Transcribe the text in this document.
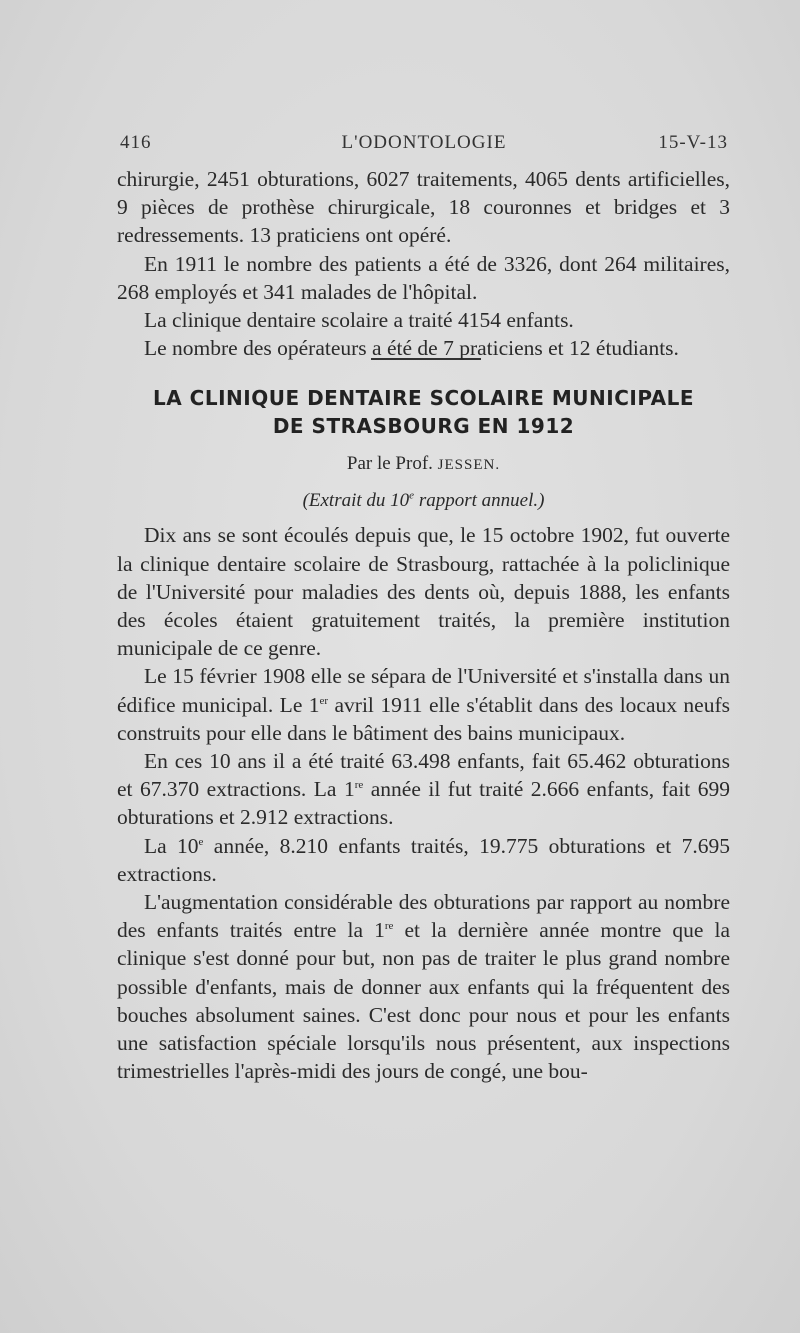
416	L'ODONTOLOGIE	15-V-13

chirurgie, 2451 obturations, 6027 traitements, 4065 dents artificielles, 9 pièces de prothèse chirurgicale, 18 couronnes et bridges et 3 redressements. 13 praticiens ont opéré.

En 1911 le nombre des patients a été de 3326, dont 264 militaires, 268 employés et 341 malades de l'hôpital.

La clinique dentaire scolaire a traité 4154 enfants.

Le nombre des opérateurs a été de 7 praticiens et 12 étudiants.

LA CLINIQUE DENTAIRE SCOLAIRE MUNICIPALE
DE STRASBOURG EN 1912
Par le Prof. JESSEN.
(Extrait du 10e rapport annuel.)

Dix ans se sont écoulés depuis que, le 15 octobre 1902, fut ouverte la clinique dentaire scolaire de Strasbourg, rattachée à la policlinique de l'Université pour maladies des dents où, depuis 1888, les enfants des écoles étaient gratuitement traités, la première institution municipale de ce genre.

Le 15 février 1908 elle se sépara de l'Université et s'installa dans un édifice municipal. Le 1er avril 1911 elle s'établit dans des locaux neufs construits pour elle dans le bâtiment des bains municipaux.

En ces 10 ans il a été traité 63.498 enfants, fait 65.462 obturations et 67.370 extractions. La 1re année il fut traité 2.666 enfants, fait 699 obturations et 2.912 extractions.

La 10e année, 8.210 enfants traités, 19.775 obturations et 7.695 extractions.

L'augmentation considérable des obturations par rapport au nombre des enfants traités entre la 1re et la dernière année montre que la clinique s'est donné pour but, non pas de traiter le plus grand nombre possible d'enfants, mais de donner aux enfants qui la fréquentent des bouches absolument saines. C'est donc pour nous et pour les enfants une satisfaction spéciale lorsqu'ils nous présentent, aux inspections trimestrielles l'après-midi des jours de congé, une bou-
